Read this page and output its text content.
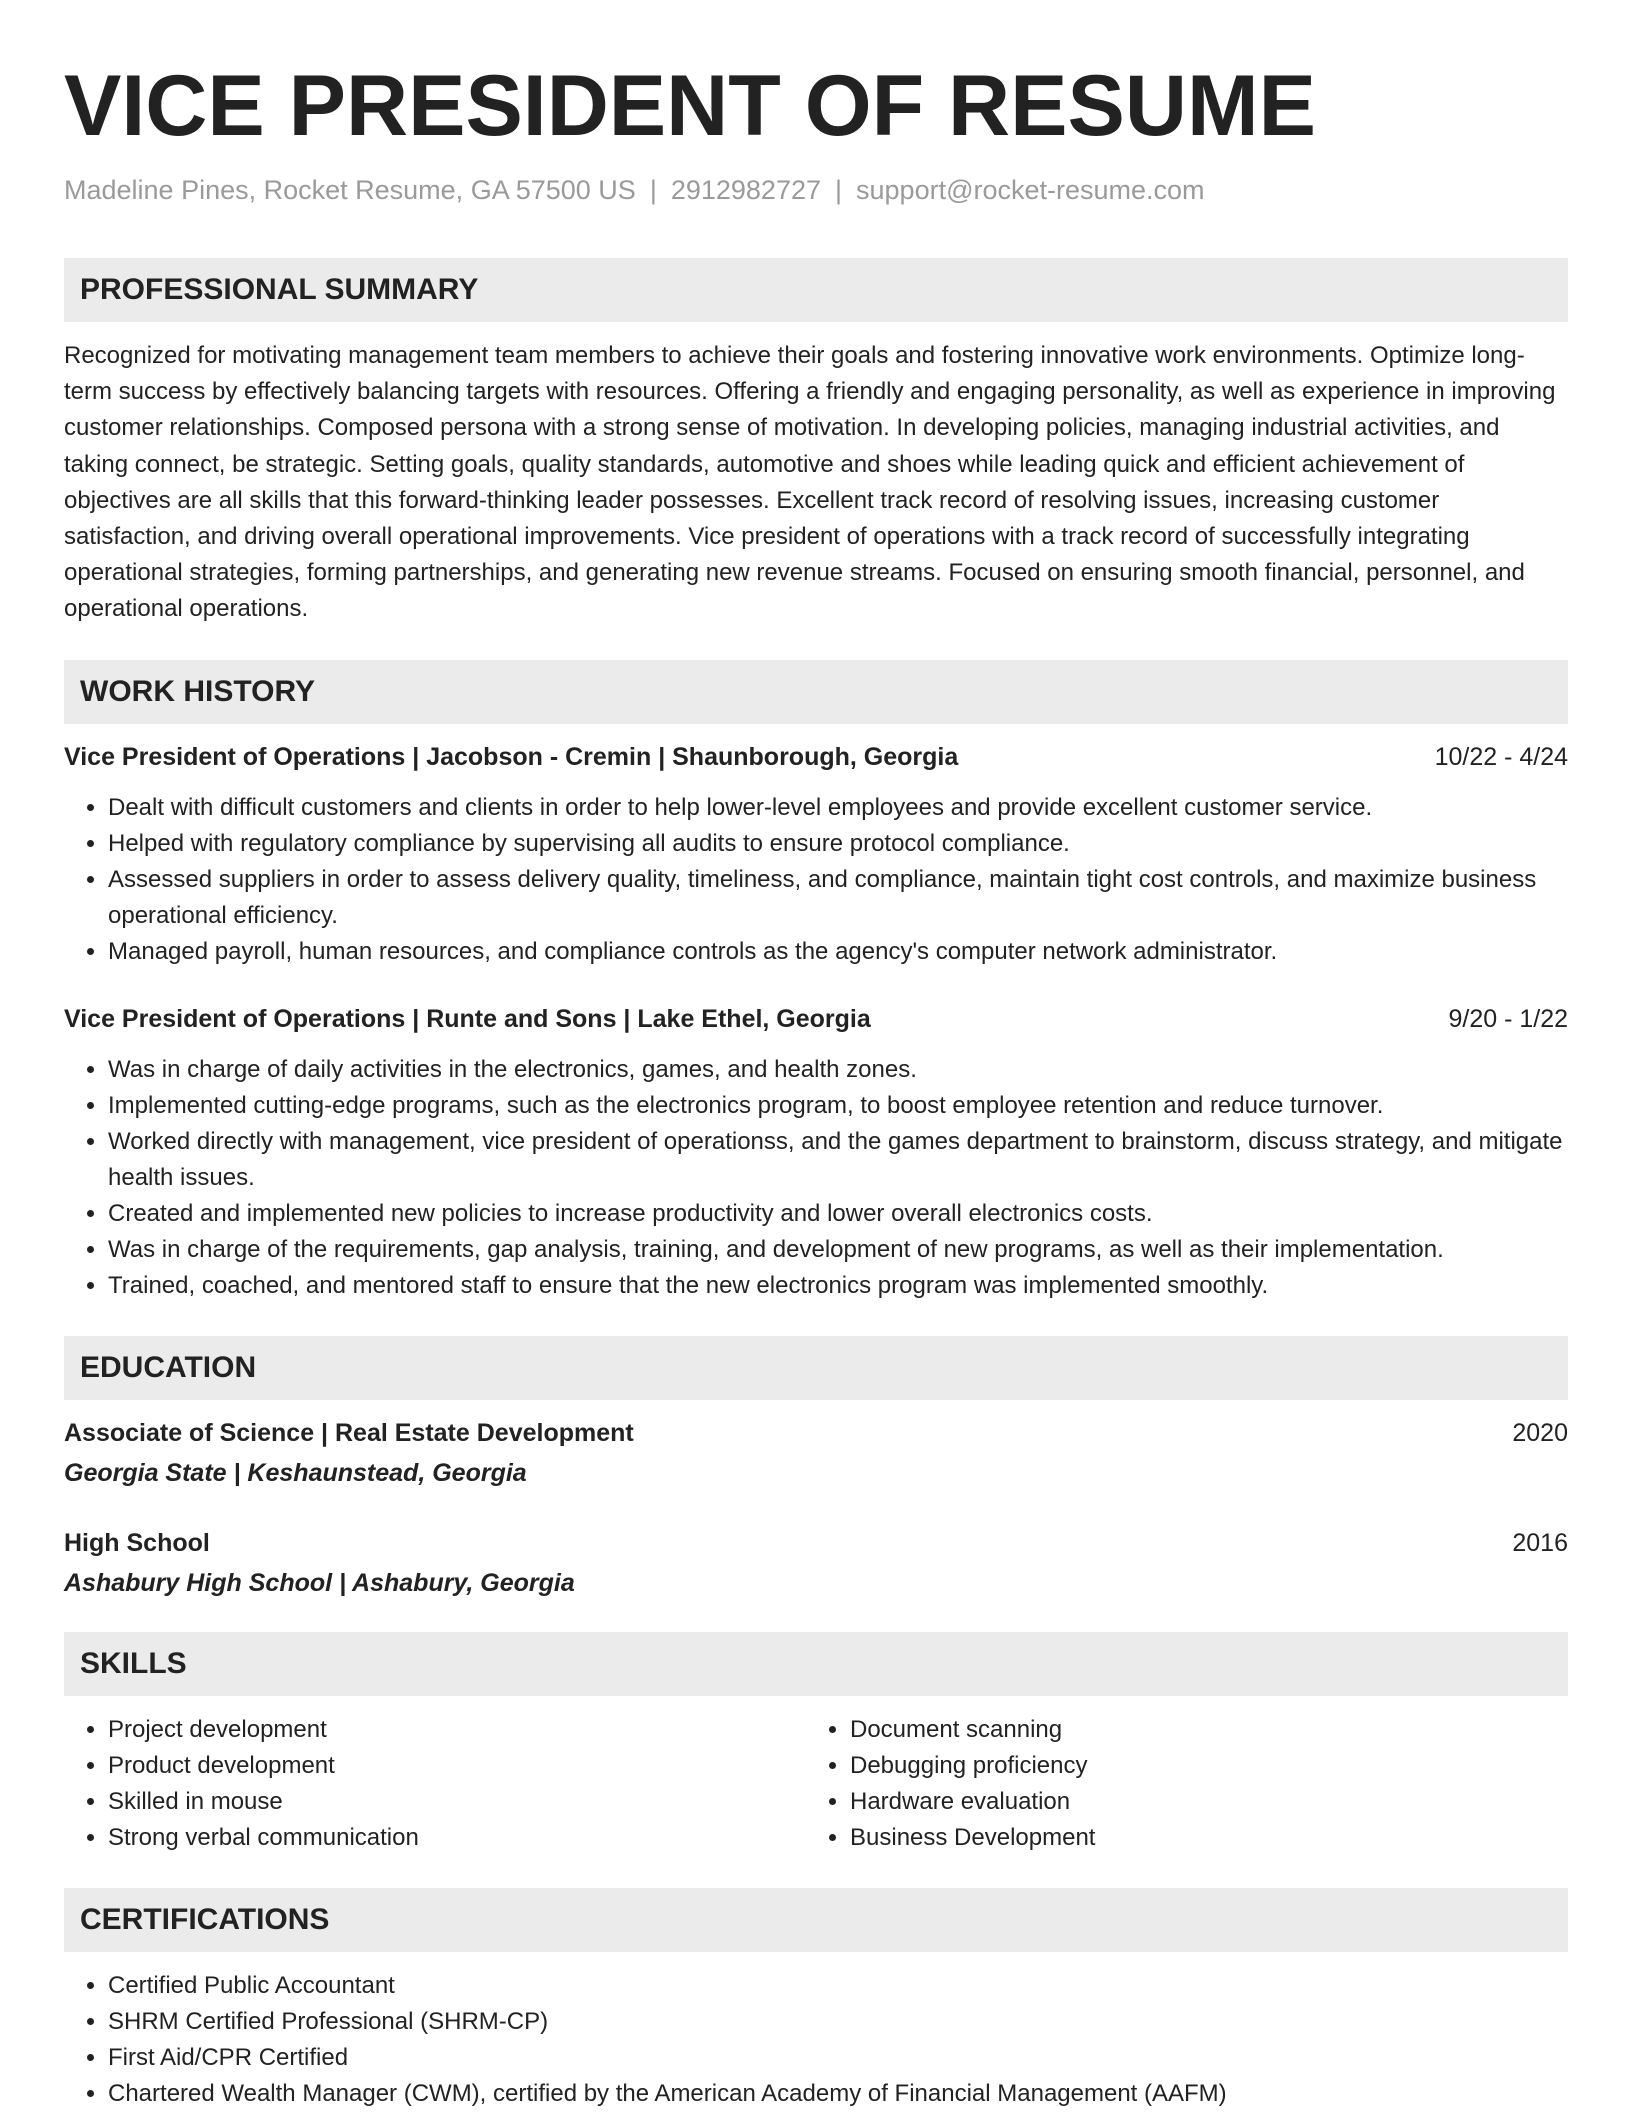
VICE PRESIDENT OF RESUME
Madeline Pines, Rocket Resume, GA 57500 US | 2912982727 | support@rocket-resume.com
PROFESSIONAL SUMMARY
Recognized for motivating management team members to achieve their goals and fostering innovative work environments. Optimize long-term success by effectively balancing targets with resources. Offering a friendly and engaging personality, as well as experience in improving customer relationships. Composed persona with a strong sense of motivation. In developing policies, managing industrial activities, and taking connect, be strategic. Setting goals, quality standards, automotive and shoes while leading quick and efficient achievement of objectives are all skills that this forward-thinking leader possesses. Excellent track record of resolving issues, increasing customer satisfaction, and driving overall operational improvements. Vice president of operations with a track record of successfully integrating operational strategies, forming partnerships, and generating new revenue streams. Focused on ensuring smooth financial, personnel, and operational operations.
WORK HISTORY
Vice President of Operations | Jacobson - Cremin | Shaunborough, Georgia	10/22 - 4/24
• Dealt with difficult customers and clients in order to help lower-level employees and provide excellent customer service.
• Helped with regulatory compliance by supervising all audits to ensure protocol compliance.
• Assessed suppliers in order to assess delivery quality, timeliness, and compliance, maintain tight cost controls, and maximize business operational efficiency.
• Managed payroll, human resources, and compliance controls as the agency's computer network administrator.
Vice President of Operations | Runte and Sons | Lake Ethel, Georgia	9/20 - 1/22
• Was in charge of daily activities in the electronics, games, and health zones.
• Implemented cutting-edge programs, such as the electronics program, to boost employee retention and reduce turnover.
• Worked directly with management, vice president of operationss, and the games department to brainstorm, discuss strategy, and mitigate health issues.
• Created and implemented new policies to increase productivity and lower overall electronics costs.
• Was in charge of the requirements, gap analysis, training, and development of new programs, as well as their implementation.
• Trained, coached, and mentored staff to ensure that the new electronics program was implemented smoothly.
EDUCATION
Associate of Science | Real Estate Development	2020
Georgia State | Keshaunstead, Georgia
High School	2016
Ashabury High School | Ashabury, Georgia
SKILLS
• Project development
• Product development
• Skilled in mouse
• Strong verbal communication
• Document scanning
• Debugging proficiency
• Hardware evaluation
• Business Development
CERTIFICATIONS
• Certified Public Accountant
• SHRM Certified Professional (SHRM-CP)
• First Aid/CPR Certified
• Chartered Wealth Manager (CWM), certified by the American Academy of Financial Management (AAFM)
